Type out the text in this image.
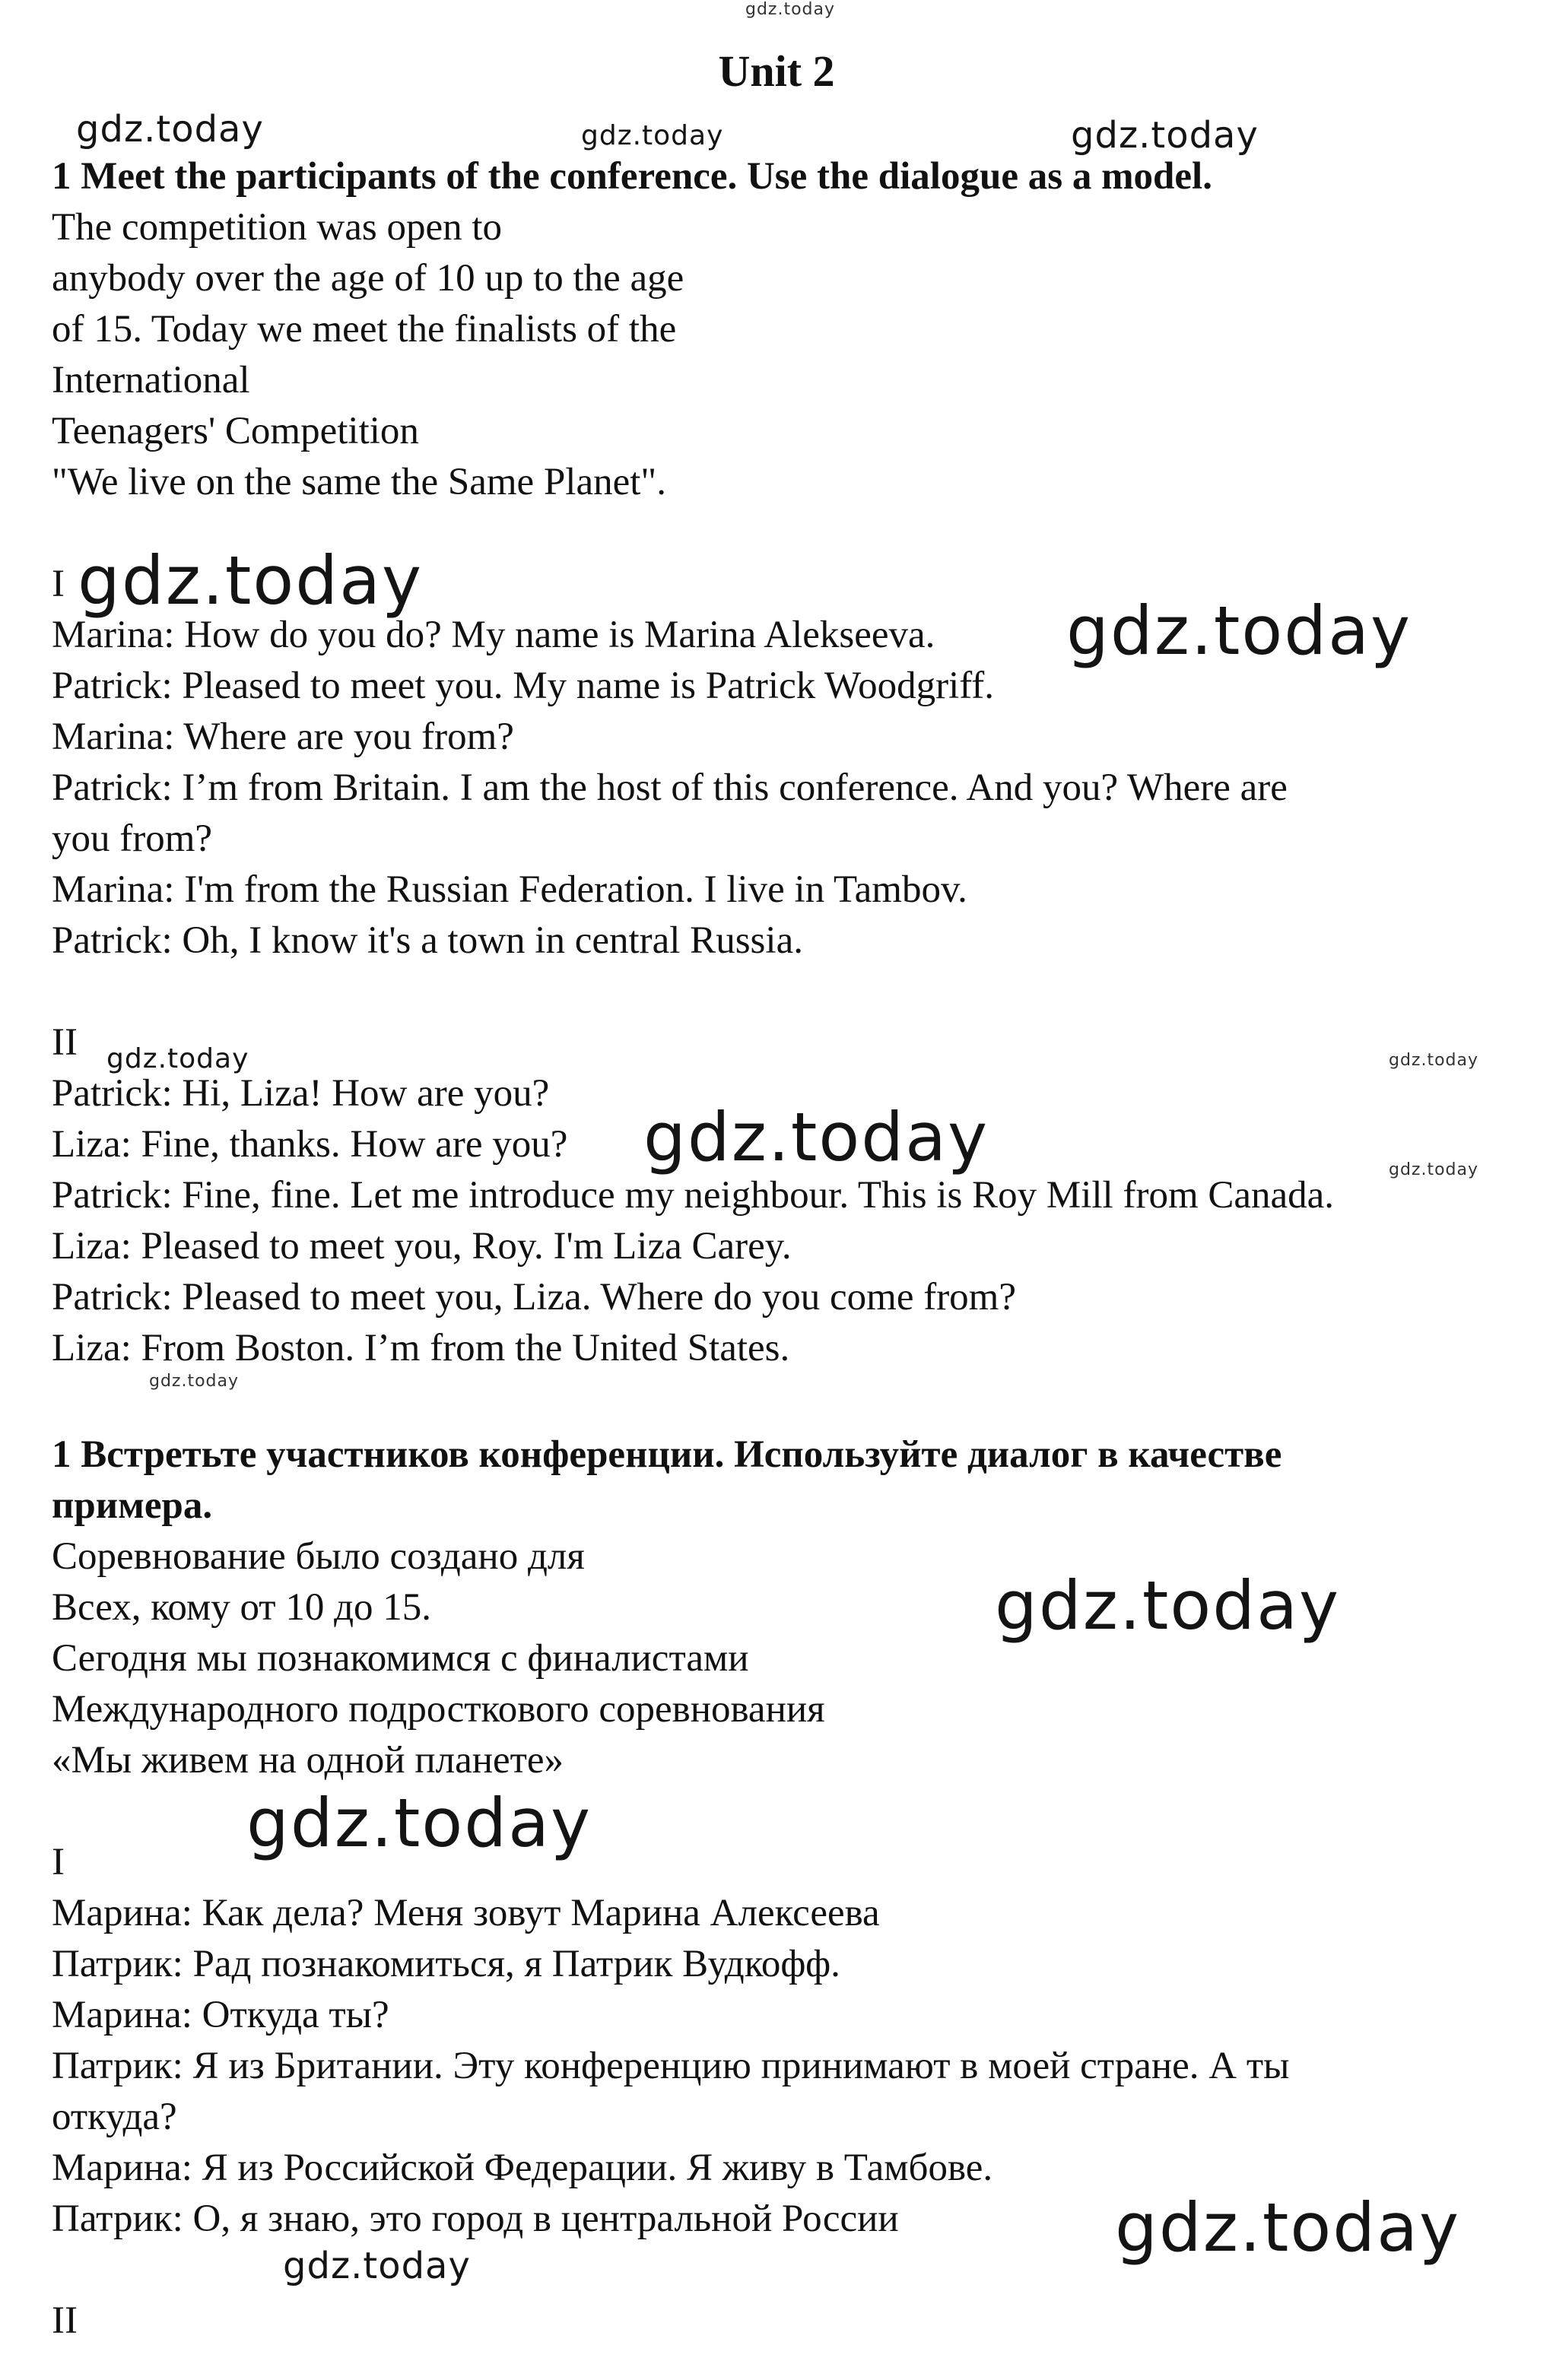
gdz.today
gdz.today	gdz.today	gdz.today
gdz.today
gdz.today
gdz.today	gdz.today
gdz.today	gdz.today
gdz.today
gdz.today
gdz.today
gdz.today
gdz.today
Unit 2
1 Meet the participants of the conference. Use the dialogue as a model.
The competition was open to
anybody over the age of 10 up to the age
of 15. Today we meet the finalists of the
International
Teenagers' Competition
"We live on the same the Same Planet".
I
Marina: How do you do? My name is Marina Alekseeva.
Patrick: Pleased to meet you. My name is Patrick Woodgriff.
Marina: Where are you from?
Patrick: I’m from Britain. I am the host of this conference. And you? Where are
you from?
Marina: I'm from the Russian Federation. I live in Tambov.
Patrick: Oh, I know it's a town in central Russia.
II
Patrick: Hi, Liza! How are you?
Liza: Fine, thanks. How are you?
Patrick: Fine, fine. Let me introduce my neighbour. This is Roy Mill from Canada.
Liza: Pleased to meet you, Roy. I'm Liza Carey.
Patrick: Pleased to meet you, Liza. Where do you come from?
Liza: From Boston. I’m from the United States.
1 Встретьте участников конференции. Используйте диалог в качестве
примера.
Соревнование было создано для
Всех, кому от 10 до 15.
Сегодня мы познакомимся с финалистами
Международного подросткового соревнования
«Мы живем на одной планете»
I
Марина: Как дела? Меня зовут Марина Алексеева
Патрик: Рад познакомиться, я Патрик Вудкофф.
Марина: Откуда ты?
Патрик: Я из Британии. Эту конференцию принимают в моей стране. А ты
откуда?
Марина: Я из Российской Федерации. Я живу в Тамбове.
Патрик: О, я знаю, это город в центральной России
II
